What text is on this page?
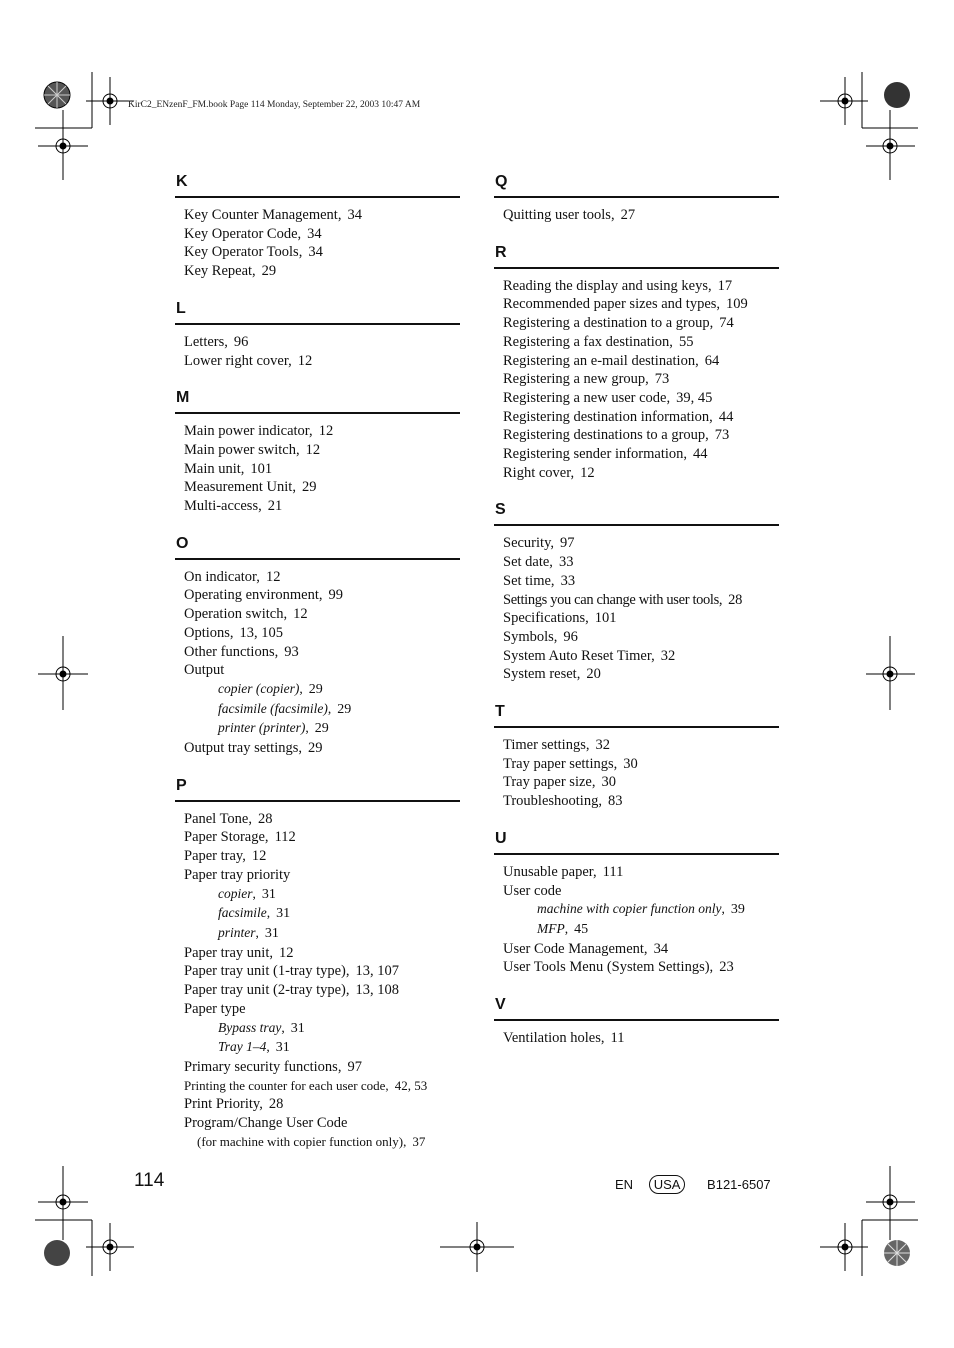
KirC2_ENzenF_FM.book Page 114 Monday, September 22, 2003 10:47 AM
K
Key Counter Management, 34
Key Operator Code, 34
Key Operator Tools, 34
Key Repeat, 29
L
Letters, 96
Lower right cover, 12
M
Main power indicator, 12
Main power switch, 12
Main unit, 101
Measurement Unit, 29
Multi-access, 21
O
On indicator, 12
Operating environment, 99
Operation switch, 12
Options, 13, 105
Other functions, 93
Output
copier (copier), 29
facsimile (facsimile), 29
printer (printer), 29
Output tray settings, 29
P
Panel Tone, 28
Paper Storage, 112
Paper tray, 12
Paper tray priority
copier, 31
facsimile, 31
printer, 31
Paper tray unit, 12
Paper tray unit (1-tray type), 13, 107
Paper tray unit (2-tray type), 13, 108
Paper type
Bypass tray, 31
Tray 1–4, 31
Primary security functions, 97
Printing the counter for each user code, 42, 53
Print Priority, 28
Program/Change User Code
(for machine with copier function only), 37
Q
Quitting user tools, 27
R
Reading the display and using keys, 17
Recommended paper sizes and types, 109
Registering a destination to a group, 74
Registering a fax destination, 55
Registering an e-mail destination, 64
Registering a new group, 73
Registering a new user code, 39, 45
Registering destination information, 44
Registering destinations to a group, 73
Registering sender information, 44
Right cover, 12
S
Security, 97
Set date, 33
Set time, 33
Settings you can change with user tools, 28
Specifications, 101
Symbols, 96
System Auto Reset Timer, 32
System reset, 20
T
Timer settings, 32
Tray paper settings, 30
Tray paper size, 30
Troubleshooting, 83
U
Unusable paper, 111
User code
machine with copier function only, 39
MFP, 45
User Code Management, 34
User Tools Menu (System Settings), 23
V
Ventilation holes, 11
114	EN USA B121-6507
